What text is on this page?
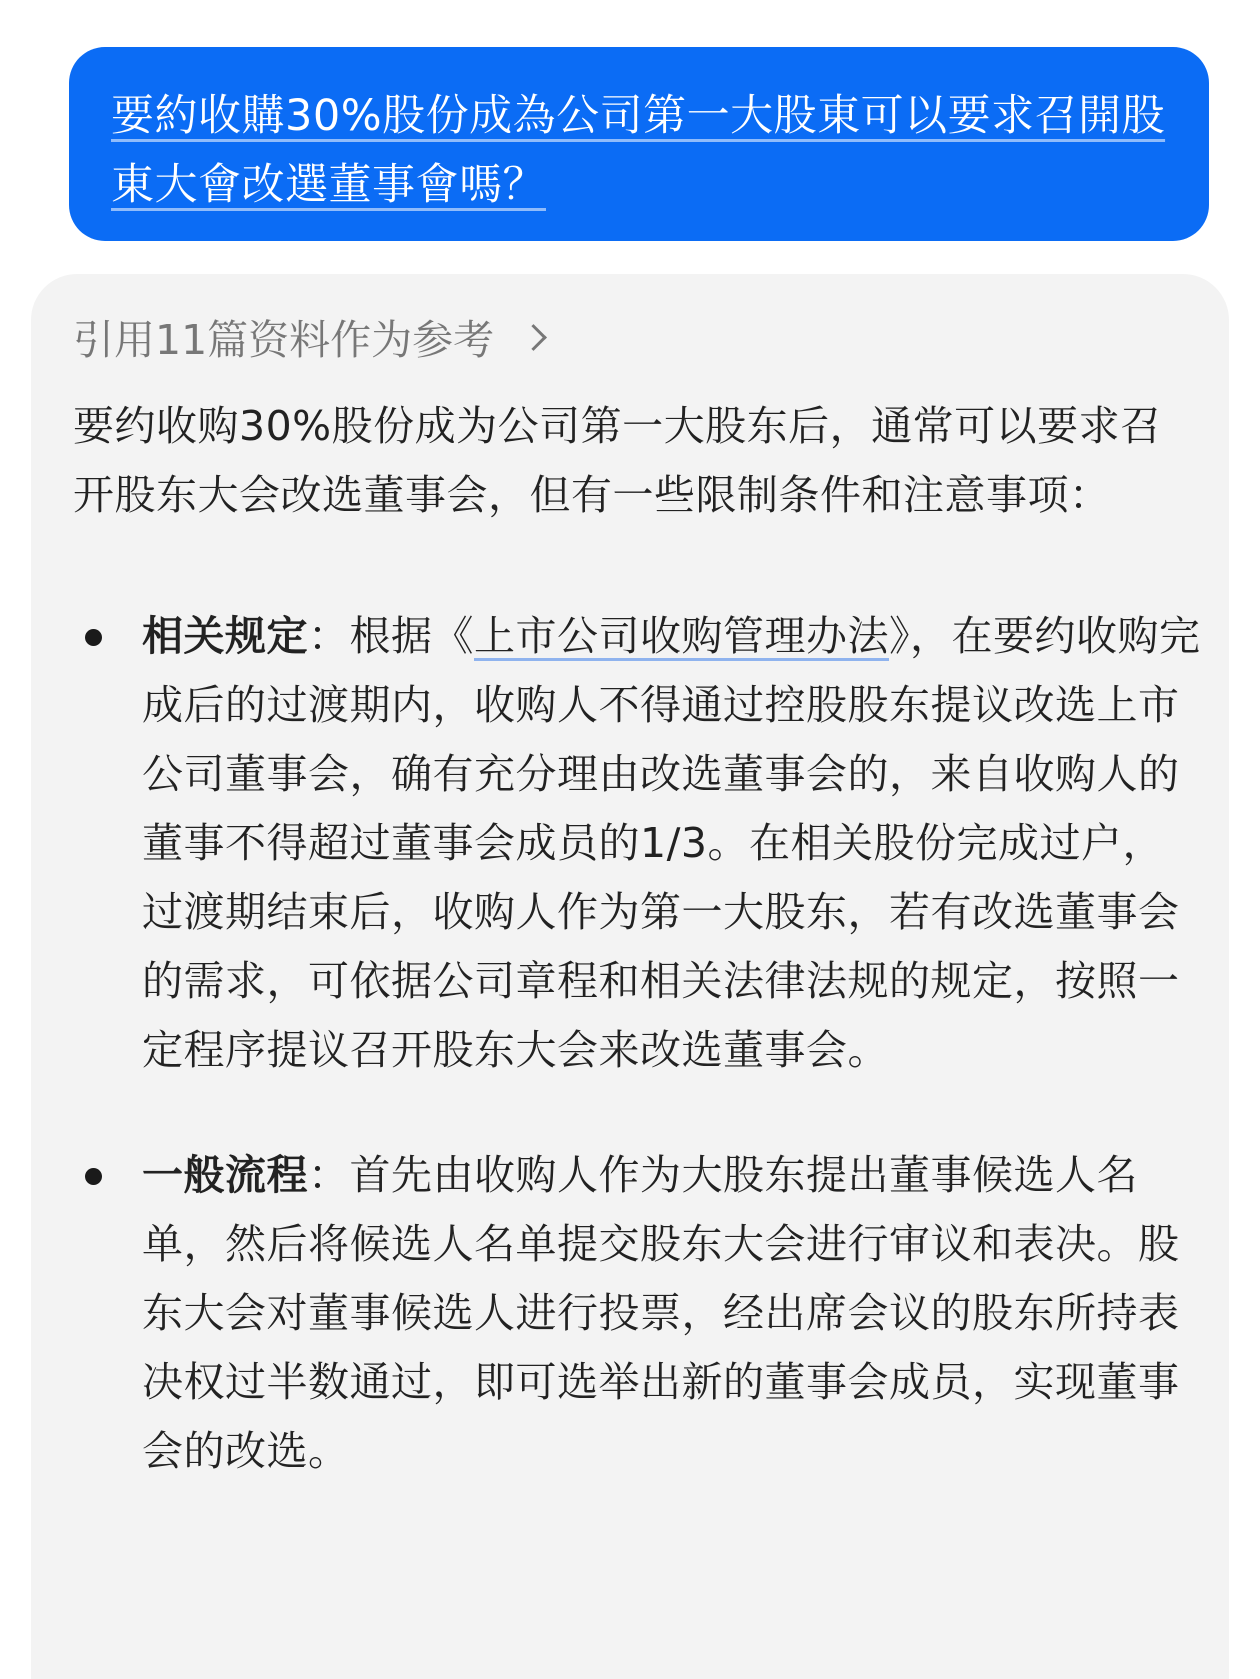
要約收購30%股份成為公司第一大股東可以要求召開股東大會改選董事會嗎？

引用11篇资料作为参考

要约收购30%股份成为公司第一大股东后，通常可以要求召开股东大会改选董事会，但有一些限制条件和注意事项：

相关规定：根据《上市公司收购管理办法》，在要约收购完成后的过渡期内，收购人不得通过控股股东提议改选上市公司董事会，确有充分理由改选董事会的，来自收购人的董事不得超过董事会成员的1/3。在相关股份完成过户，过渡期结束后，收购人作为第一大股东，若有改选董事会的需求，可依据公司章程和相关法律法规的规定，按照一定程序提议召开股东大会来改选董事会。
一般流程：首先由收购人作为大股东提出董事候选人名单，然后将候选人名单提交股东大会进行审议和表决。股东大会对董事候选人进行投票，经出席会议的股东所持表决权过半数通过，即可选举出新的董事会成员，实现董事会的改选。
